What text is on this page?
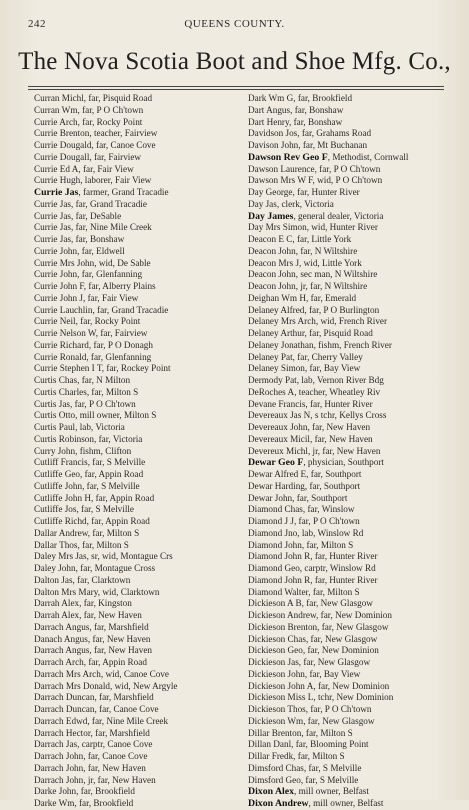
242	QUEENS COUNTY.
The Nova Scotia Boot and Shoe Mfg. Co.,
Curran Michl, far, Pisquid Road
Curran Wm, far, P O Ch'town
Currie Arch, far, Rocky Point
Currie Brenton, teacher, Fairview
Currie Dougald, far, Canoe Cove
Currie Dougall, far, Fairview
Currie Ed A, far, Fair View
Currie Hugh, laborer, Fair View
Currie Jas, farmer, Grand Tracadie
Currie Jas, far, Grand Tracadie
Currie Jas, far, DeSable
Currie Jas, far, Nine Mile Creek
Currie Jas, far, Bonshaw
Currie John, far, Eldwell
Currie Mrs John, wid, De Sable
Currie John, far, Glenfanning
Currie John F, far, Alberry Plains
Currie John J, far, Fair View
Currie Lauchlin, far, Grand Tracadie
Currie Neil, far, Rocky Point
Currie Nelson W, far, Fairview
Currie Richard, far, P O Donagh
Currie Ronald, far, Glenfanning
Currie Stephen I T, far, Rockey Point
Curtis Chas, far, N Milton
Curtis Charles, far, Milton S
Curtis Jas, far, P O Ch'town
Curtis Otto, mill owner, Milton S
Curtis Paul, lab, Victoria
Curtis Robinson, far, Victoria
Curry John, fishm, Clifton
Cutliff Francis, far, S Melville
Cutliffe Geo, far, Appin Road
Cutliffe John, far, S Melville
Cutliffe John H, far, Appin Road
Cutliffe Jos, far, S Melville
Cutliffe Richd, far, Appin Road
Dallar Andrew, far, Milton S
Dallar Thos, far, Milton S
Daley Mrs Jas, sr, wid, Montague Crs
Daley John, far, Montague Cross
Dalton Jas, far, Clarktown
Dalton Mrs Mary, wid, Clarktown
Darrah Alex, far, Kingston
Darrah Alex, far, New Haven
Darrach Angus, far, Marshfield
Danach Angus, far, New Haven
Darrach Angus, far, New Haven
Darrach Arch, far, Appin Road
Darrach Mrs Arch, wid, Canoe Cove
Darrach Mrs Donald, wid, New Argyle
Darrach Duncan, far, Marshfield
Darrach Duncan, far, Canoe Cove
Darrach Edwd, far, Nine Mile Creek
Darrach Hector, far, Marshfield
Darrach Jas, carptr, Canoe Cove
Darrach John, far, Canoe Cove
Darrach John, far, New Haven
Darrach John, jr, far, New Haven
Darke John, far, Brookfield
Darke Wm, far, Brookfield
Dark Wm G, far, Brookfield
Dart Angus, far, Bonshaw
Dart Henry, far, Bonshaw
Davidson Jos, far, Grahams Road
Davison John, far, Mt Buchanan
Dawson Rev Geo F, Methodist, Cornwall
Dawson Laurence, far, P O Ch'town
Dawson Mrs W F, wid, P O Ch'town
Day George, far, Hunter River
Day Jas, clerk, Victoria
Day James, general dealer, Victoria
Day Mrs Simon, wid, Hunter River
Deacon E C, far, Little York
Deacon John, far, N Wiltshire
Deacon Mrs J, wid, Little York
Deacon John, sec man, N Wiltshire
Deacon John, jr, far, N Wiltshire
Deighan Wm H, far, Emerald
Delaney Alfred, far, P O Burlington
Delaney Mrs Arch, wid, French River
Delaney Arthur, far, Pisquid Road
Delaney Jonathan, fishm, French River
Delaney Pat, far, Cherry Valley
Delaney Simon, far, Bay View
Dermody Pat, lab, Vernon River Bdg
DeRoches A, teacher, Wheatley Riv
Devane Francis, far, Hunter River
Devereaux Jas N, s tchr, Kellys Cross
Devereaux John, far, New Haven
Devereaux Micil, far, New Haven
Devereux Michl, jr, far, New Haven
Dewar Geo F, physician, Southport
Dewar Alfred E, far, Southport
Dewar Harding, far, Southport
Dewar John, far, Southport
Diamond Chas, far, Winslow
Diamond J J, far, P O Ch'town
Diamond Jno, lab, Winslow Rd
Diamond John, far, Milton S
Diamond John R, far, Hunter River
Diamond Geo, carptr, Winslow Rd
Diamond John R, far, Hunter River
Diamond Walter, far, Milton S
Dickieson A B, far, New Glasgow
Dickieson Andrew, far, New Dominion
Dickieson Brenton, far, New Glasgow
Dickieson Chas, far, New Glasgow
Dickieson Geo, far, New Dominion
Dickieson Jas, far, New Glasgow
Dickieson John, far, Bay View
Dickieson John A, far, New Dominion
Dickieson Miss L, tchr, New Dominion
Dickieson Thos, far, P O Ch'town
Dickieson Wm, far, New Glasgow
Dillar Brenton, far, Milton S
Dillan Danl, far, Blooming Point
Dillar Fredk, far, Milton S
Dimsford Chas, far, S Melville
Dimsford Geo, far, S Melville
Dixon Alex, mill owner, Belfast
Dixon Andrew, mill owner, Belfast
